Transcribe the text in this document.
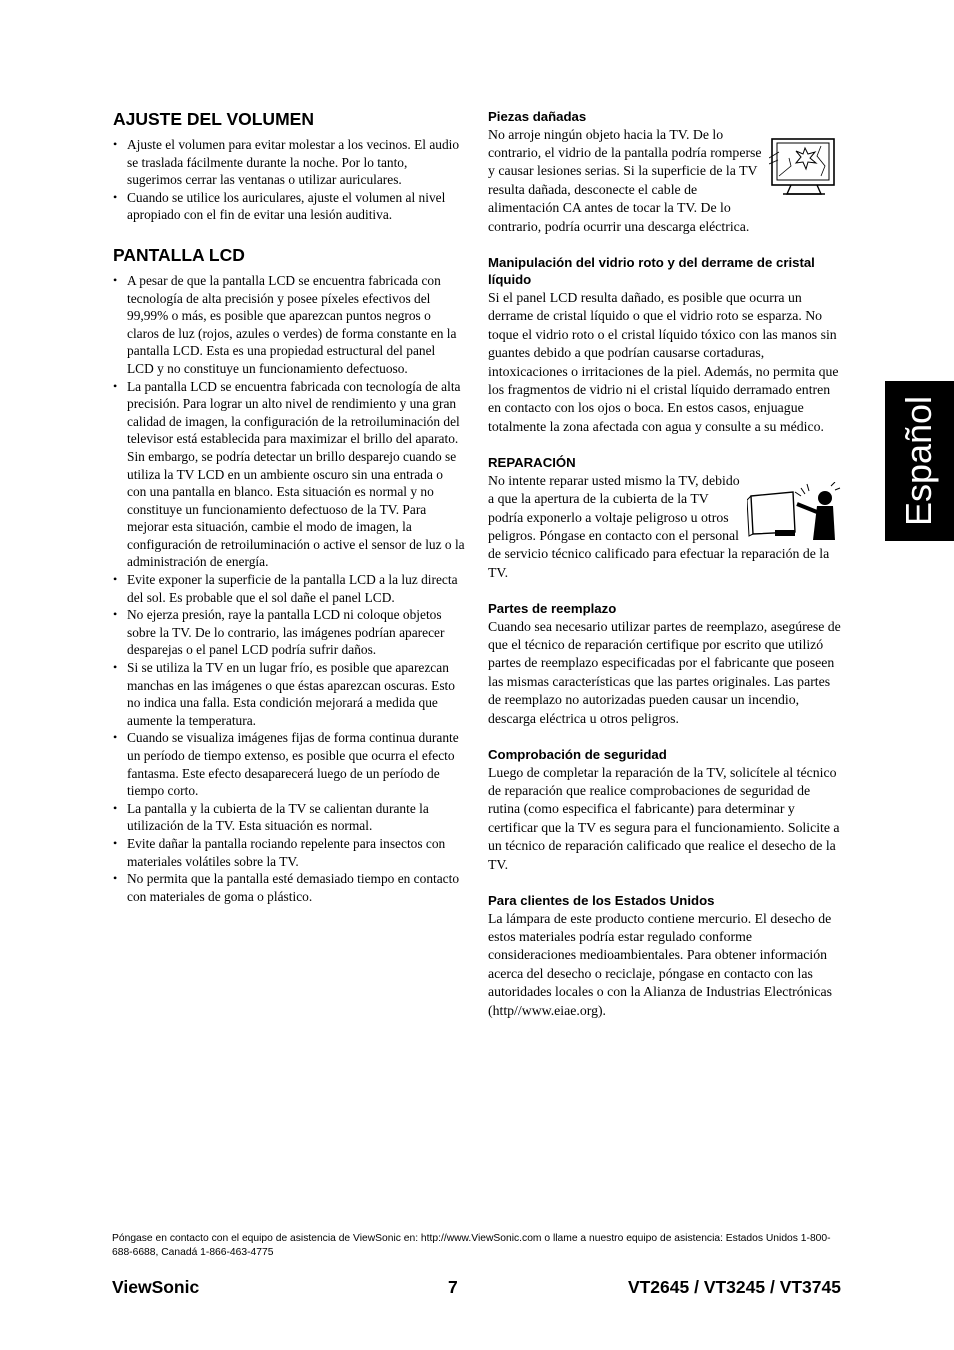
Español
AJUSTE DEL VOLUMEN
• Ajuste el volumen para evitar molestar a los vecinos. El audio se traslada fácilmente durante la noche. Por lo tanto, sugerimos cerrar las ventanas o utilizar auriculares.
• Cuando se utilice los auriculares, ajuste el volumen al nivel apropiado con el fin de evitar una lesión auditiva.
PANTALLA LCD
• A pesar de que la pantalla LCD se encuentra fabricada con tecnología de alta precisión y posee píxeles efectivos del 99,99% o más, es posible que aparezcan puntos negros o claros de luz (rojos, azules o verdes) de forma constante en la pantalla LCD. Esta es una propiedad estructural del panel LCD y no constituye un funcionamiento defectuoso.
• La pantalla LCD se encuentra fabricada con tecnología de alta precisión. Para lograr un alto nivel de rendimiento y una gran calidad de imagen, la configuración de la retroiluminación del televisor está establecida para maximizar el brillo del aparato. Sin embargo, se podría detectar un brillo desparejo cuando se utiliza la TV LCD en un ambiente oscuro sin una entrada o con una pantalla en blanco. Esta situación es normal y no constituye un funcionamiento defectuoso de la TV. Para mejorar esta situación, cambie el modo de imagen, la configuración de retroiluminación o active el sensor de luz o la administración de energía.
• Evite exponer la superficie de la pantalla LCD a la luz directa del sol. Es probable que el sol dañe el panel LCD.
• No ejerza presión, raye la pantalla LCD ni coloque objetos sobre la TV. De lo contrario, las imágenes podrían aparecer desparejas o el panel LCD podría sufrir daños.
• Si se utiliza la TV en un lugar frío, es posible que aparezcan manchas en las imágenes o que éstas aparezcan oscuras. Esto no indica una falla. Esta condición mejorará a medida que aumente la temperatura.
• Cuando se visualiza imágenes fijas de forma continua durante un período de tiempo extenso, es posible que ocurra el efecto fantasma. Este efecto desaparecerá luego de un período de tiempo corto.
• La pantalla y la cubierta de la TV se calientan durante la utilización de la TV. Esta situación es normal.
• Evite dañar la pantalla rociando repelente para insectos con materiales volátiles sobre la TV.
• No permita que la pantalla esté demasiado tiempo en contacto con materiales de goma o plástico.
Piezas dañadas

No arroje ningún objeto hacia la TV. De lo contrario, el vidrio de la pantalla podría romperse y causar lesiones serias. Si la superficie de la TV resulta dañada, desconecte el cable de alimentación CA antes de tocar la TV. De lo contrario, podría ocurrir una descarga eléctrica.

Manipulación del vidrio roto y del derrame de cristal líquido

Si el panel LCD resulta dañado, es posible que ocurra un derrame de cristal líquido o que el vidrio roto se esparza. No toque el vidrio roto o el cristal líquido tóxico con las manos sin guantes debido a que podrían causarse cortaduras, intoxicaciones o irritaciones de la piel. Además, no permita que los fragmentos de vidrio ni el cristal líquido derramado entren en contacto con los ojos o boca. En estos casos, enjuague totalmente la zona afectada con agua y consulte a su médico.

REPARACIÓN

No intente reparar usted mismo la TV, debido a que la apertura de la cubierta de la TV podría exponerlo a voltaje peligroso u otros peligros. Póngase en contacto con el personal de servicio técnico calificado para efectuar la reparación de la TV.

Partes de reemplazo

Cuando sea necesario utilizar partes de reemplazo, asegúrese de que el técnico de reparación certifique por escrito que utilizó partes de reemplazo especificadas por el fabricante que poseen las mismas características que las partes originales. Las partes de reemplazo no autorizadas pueden causar un incendio, descarga eléctrica u otros peligros.

Comprobación de seguridad

Luego de completar la reparación de la TV, solicítele al técnico de reparación que realice comprobaciones de seguridad de rutina (como especifica el fabricante) para determinar y certificar que la TV es segura para el funcionamiento. Solicite a un técnico de reparación calificado que realice el desecho de la TV.

Para clientes de los Estados Unidos

La lámpara de este producto contiene mercurio. El desecho de estos materiales podría estar regulado conforme consideraciones medioambientales. Para obtener información acerca del desecho o reciclaje, póngase en contacto con las autoridades locales o con la Alianza de Industrias Electrónicas (http//www.eiae.org).

Póngase en contacto con el equipo de asistencia de ViewSonic en: http://www.ViewSonic.com o llame a nuestro equipo de asistencia: Estados Unidos 1-800-688-6688, Canadá 1-866-463-4775
ViewSonic	7	VT2645 / VT3245 / VT3745
